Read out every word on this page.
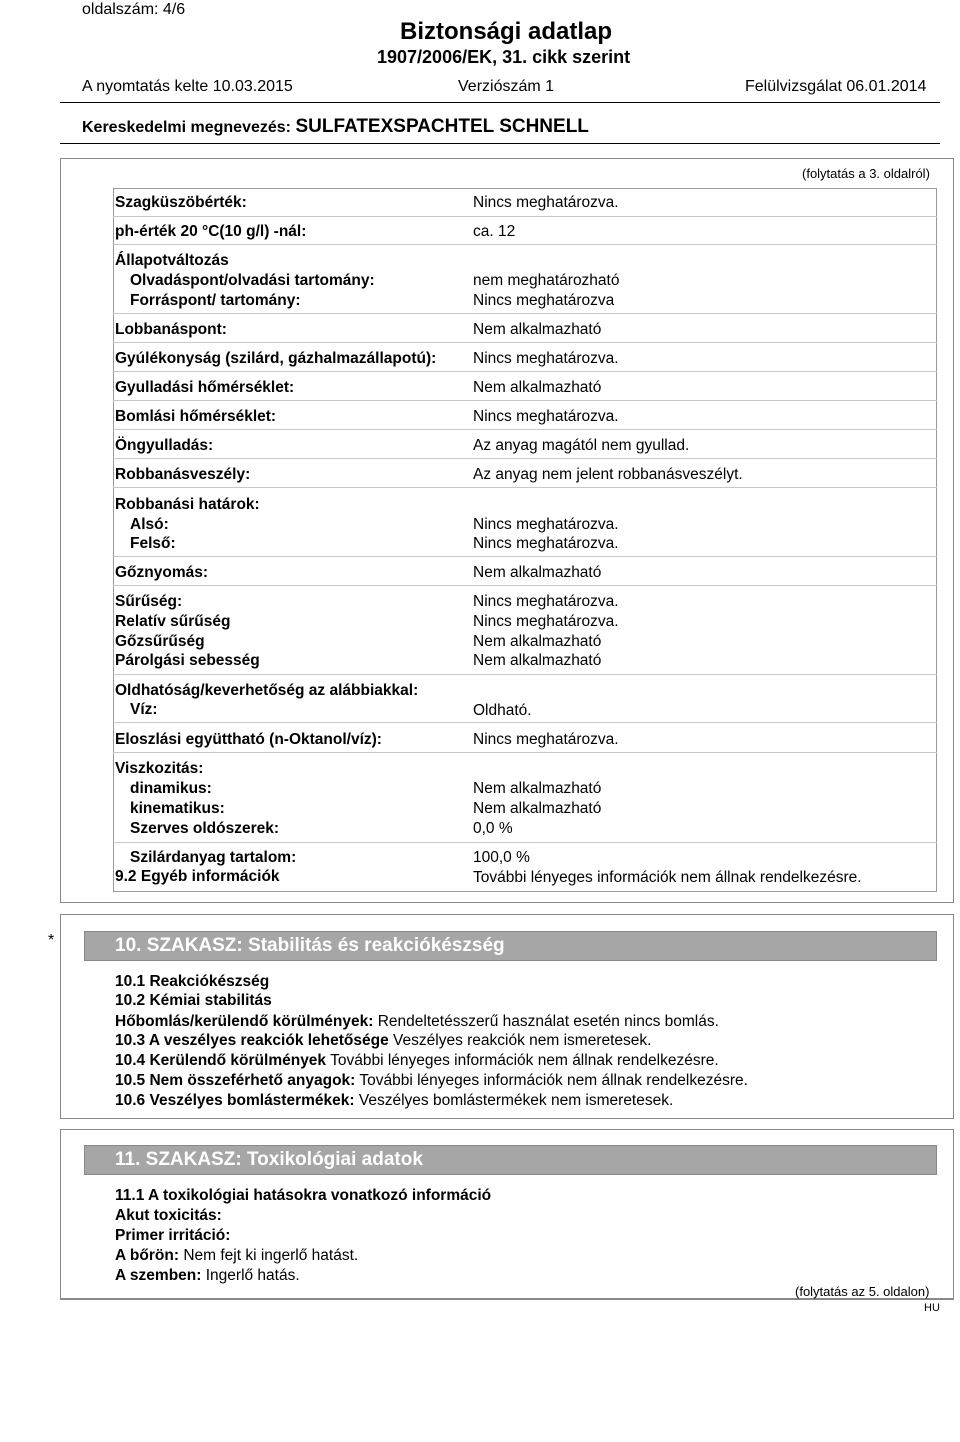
oldalszám: 4/6
Biztonsági adatlap
1907/2006/EK, 31. cikk szerint
A nyomtatás kelte 10.03.2015	Verziószám 1	Felülvizsgálat 06.01.2014
Kereskedelmi megnevezés: SULFATEXSPACHTEL SCHNELL
(folytatás a 3. oldalról)
Szagküszöbérték:	Nincs meghatározva.
ph-érték 20 °C(10 g/l) -nál:	ca. 12
Állapotváltozás
Olvadáspont/olvadási tartomány:	nem meghatározható
Forráspont/ tartomány:	Nincs meghatározva
Lobbanáspont:	Nem alkalmazható
Gyúlékonyság (szilárd, gázhalmazállapotú): Nincs meghatározva.
Gyulladási hőmérséklet:	Nem alkalmazható
Bomlási hőmérséklet:	Nincs meghatározva.
Öngyulladás:	Az anyag magától nem gyullad.
Robbanásveszély:	Az anyag nem jelent robbanásveszélyt.
Robbanási határok:
Alsó:	Nincs meghatározva.
Felső:	Nincs meghatározva.
Gőznyomás:	Nem alkalmazható
Sűrűség:	Nincs meghatározva.
Relatív sűrűség	Nincs meghatározva.
Gőzsűrűség	Nem alkalmazható
Párolgási sebesség	Nem alkalmazható
Oldhatóság/keverhetőség az alábbiakkal:
Víz:	Oldható.
Eloszlási együttható (n-Oktanol/víz):	Nincs meghatározva.
Viszkozitás:
dinamikus:	Nem alkalmazható
kinematikus:	Nem alkalmazható
Szerves oldószerek:	0,0 %
Szilárdanyag tartalom:	100,0 %
9.2 Egyéb információk	További lényeges információk nem állnak rendelkezésre.
*	10. SZAKASZ: Stabilitás és reakciókészség
10.1 Reakciókészség
10.2 Kémiai stabilitás
Hőbomlás/kerülendő körülmények: Rendeltetésszerű használat esetén nincs bomlás.
10.3 A veszélyes reakciók lehetősége Veszélyes reakciók nem ismeretesek.
10.4 Kerülendő körülmények További lényeges információk nem állnak rendelkezésre.
10.5 Nem összeférhető anyagok: További lényeges információk nem állnak rendelkezésre.
10.6 Veszélyes bomlástermékek: Veszélyes bomlástermékek nem ismeretesek.
11. SZAKASZ: Toxikológiai adatok
11.1 A toxikológiai hatásokra vonatkozó információ
Akut toxicitás:
Primer irritáció:
A bőrön: Nem fejt ki ingerlő hatást.
A szemben: Ingerlő hatás.
(folytatás az 5. oldalon)
HU
